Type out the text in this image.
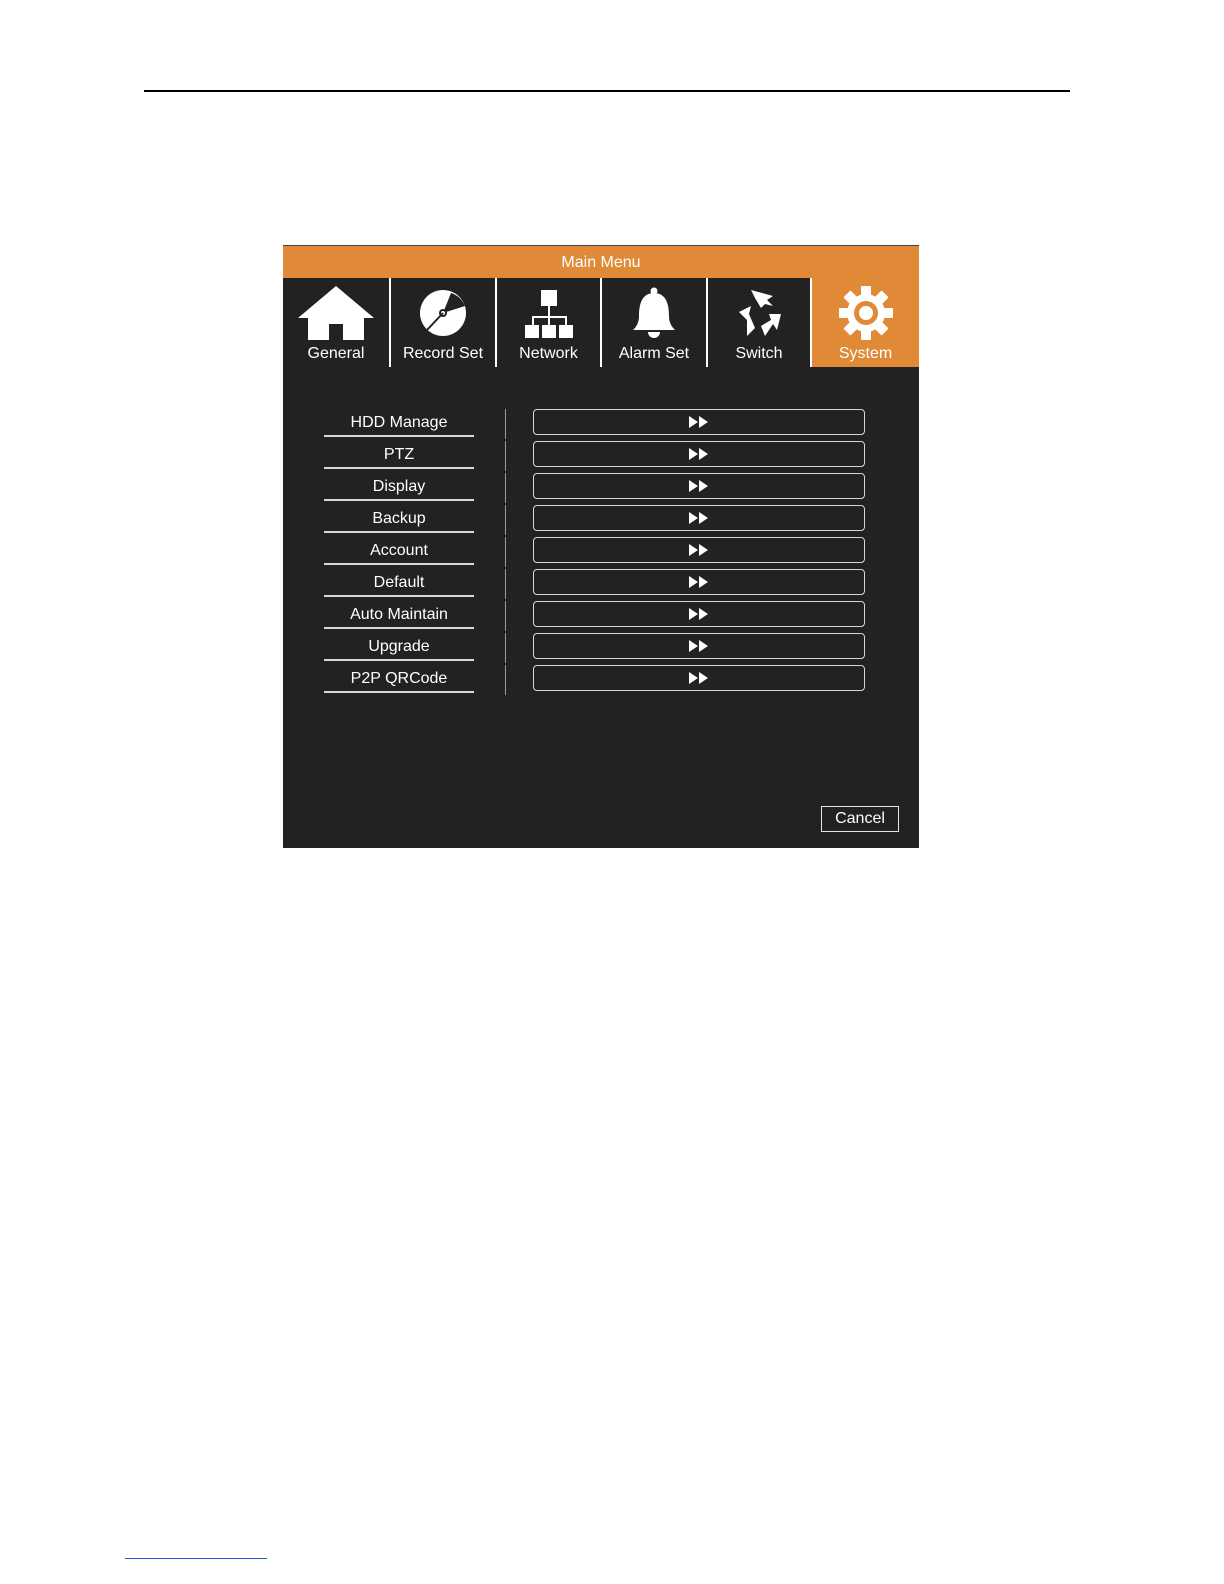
Main Menu
General Record Set Network	Alarm Set	Switch	System
HDD Manage
PTZ
Display
Backup
Account
Default
Auto Maintain
Upgrade
P2P QRCode
Cancel
